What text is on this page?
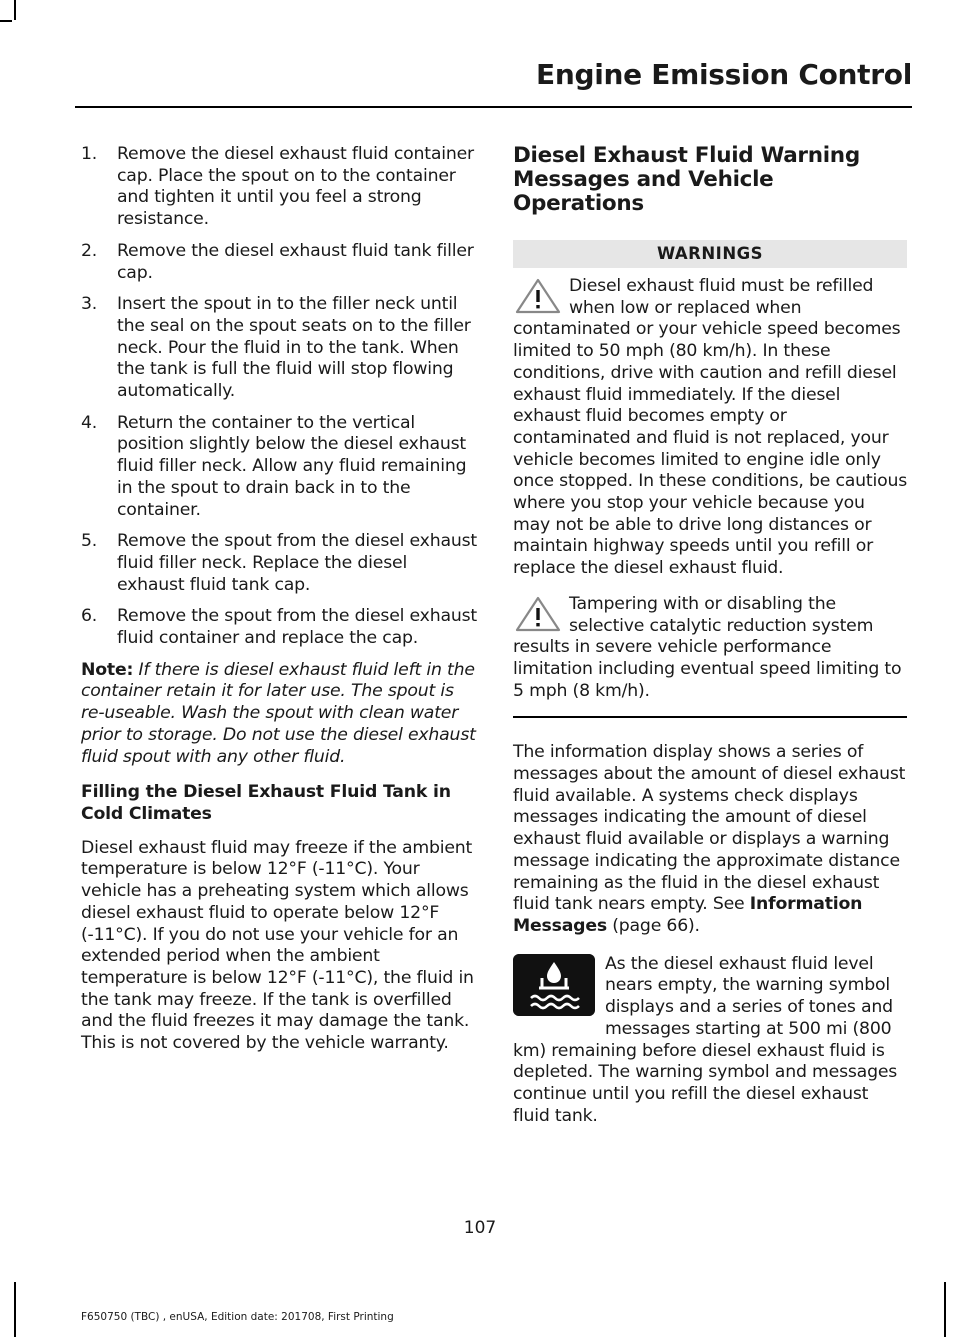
Engine Emission Control
1. Remove the diesel exhaust fluid container cap. Place the spout on to the container and tighten it until you feel a strong resistance.
2. Remove the diesel exhaust fluid tank filler cap.
3. Insert the spout in to the filler neck until the seal on the spout seats on to the filler neck. Pour the fluid in to the tank. When the tank is full the fluid will stop flowing automatically.
4. Return the container to the vertical position slightly below the diesel exhaust fluid filler neck. Allow any fluid remaining in the spout to drain back in to the container.
5. Remove the spout from the diesel exhaust fluid filler neck. Replace the diesel exhaust fluid tank cap.
6. Remove the spout from the diesel exhaust fluid container and replace the cap.

Note: If there is diesel exhaust fluid left in the container retain it for later use. The spout is re-useable. Wash the spout with clean water prior to storage. Do not use the diesel exhaust fluid spout with any other fluid.

Filling the Diesel Exhaust Fluid Tank in Cold Climates

Diesel exhaust fluid may freeze if the ambient temperature is below 12°F (-11°C). Your vehicle has a preheating system which allows diesel exhaust fluid to operate below 12°F (-11°C). If you do not use your vehicle for an extended period when the ambient temperature is below 12°F (-11°C), the fluid in the tank may freeze. If the tank is overfilled and the fluid freezes it may damage the tank. This is not covered by the vehicle warranty.

Diesel Exhaust Fluid Warning Messages and Vehicle Operations
WARNINGS
Diesel exhaust fluid must be refilled when low or replaced when contaminated or your vehicle speed becomes limited to 50 mph (80 km/h). In these conditions, drive with caution and refill diesel exhaust fluid immediately. If the diesel exhaust fluid becomes empty or contaminated and fluid is not replaced, your vehicle becomes limited to engine idle only once stopped. In these conditions, be cautious where you stop your vehicle because you may not be able to drive long distances or maintain highway speeds until you refill or replace the diesel exhaust fluid.
Tampering with or disabling the selective catalytic reduction system results in severe vehicle performance limitation including eventual speed limiting to 5 mph (8 km/h).

The information display shows a series of messages about the amount of diesel exhaust fluid available. A systems check displays messages indicating the amount of diesel exhaust fluid available or displays a warning message indicating the approximate distance remaining as the fluid in the diesel exhaust fluid tank nears empty. See Information Messages (page 66).

As the diesel exhaust fluid level nears empty, the warning symbol displays and a series of tones and messages starting at 500 mi (800 km) remaining before diesel exhaust fluid is depleted. The warning symbol and messages continue until you refill the diesel exhaust fluid tank.
107
F650750 (TBC) , enUSA, Edition date: 201708, First Printing
